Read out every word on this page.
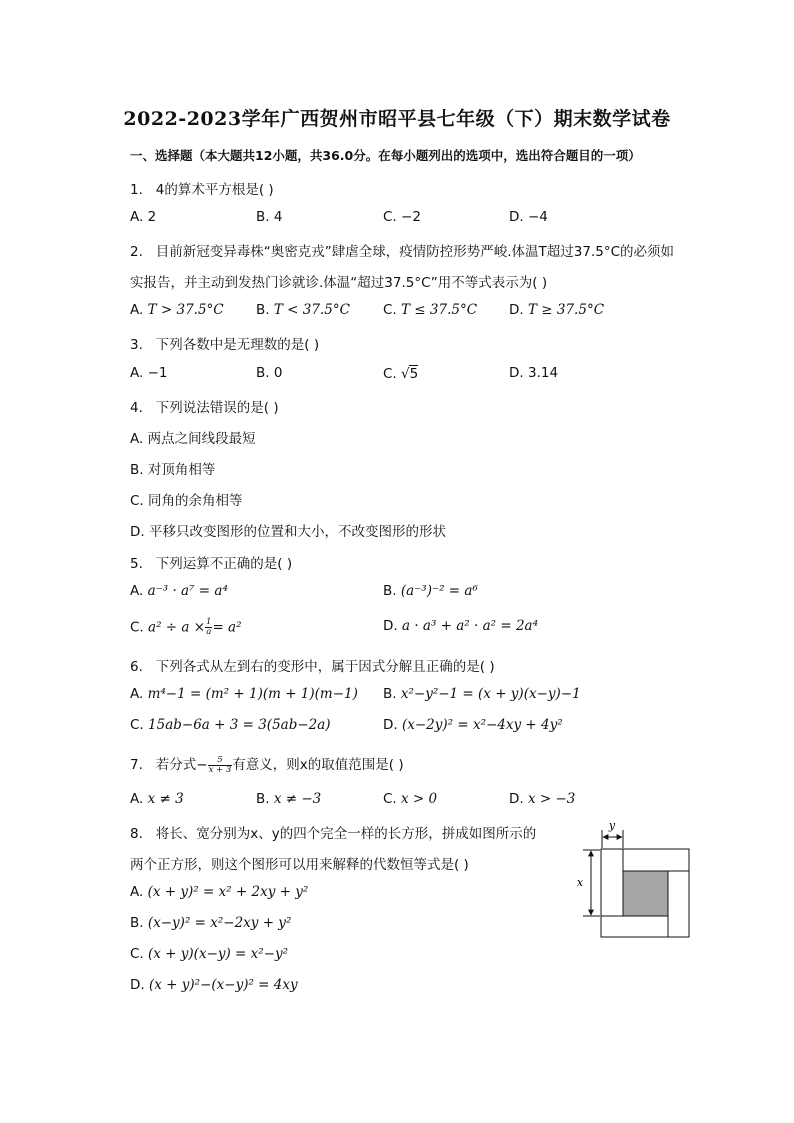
2022-2023学年广西贺州市昭平县七年级（下）期末数学试卷
一、选择题（本大题共12小题，共36.0分。在每小题列出的选项中，选出符合题目的一项）
1. 4的算术平方根是( )
A. 2	B. 4	C. −2	D. −4
2. 目前新冠变异毒株“奥密克戎”肆虐全球，疫情防控形势严峻.体温T超过37.5°C的必须如
实报告，并主动到发热门诊就诊.体温“超过37.5°C”用不等式表示为( )
A. T > 37.5°C B. T < 37.5°C C. T ≤ 37.5°C D. T ≥ 37.5°C
3. 下列各数中是无理数的是( )
A. −1	B. 0	C. √5	D. 3.14
4. 下列说法错误的是( )
A. 两点之间线段最短
B. 对顶角相等
C. 同角的余角相等
D. 平移只改变图形的位置和大小，不改变图形的形状
5. 下列运算不正确的是( )
A. a⁻³ · a⁷ = a⁴	B. (a⁻³)⁻² = a⁶
C. $a^2 \div a \times \frac{1}{a} = a^2$	D. a · a³ + a² · a² = 2a⁴
6. 下列各式从左到右的变形中，属于因式分解且正确的是( )
A. m⁴−1 = (m² + 1)(m + 1)(m−1) B. x²−y²−1 = (x + y)(x−y)−1
C. 15ab−6a + 3 = 3(5ab−2a)	D. (x−2y)² = x²−4xy + 4y²
7. 若分式− $\frac{5}{x + 3}$ 有意义，则x的取值范围是( )
A. x ≠ 3	B. x ≠ −3	C. x > 0	D. x > −3
8. 将长、宽分别为x、y的四个完全一样的长方形，拼成如图所示的
两个正方形，则这个图形可以用来解释的代数恒等式是( )
A. (x + y)² = x² + 2xy + y²
B. (x−y)² = x²−2xy + y²
C. (x + y)(x−y) = x²−y²
D. (x + y)²−(x−y)² = 4xy
y
x
